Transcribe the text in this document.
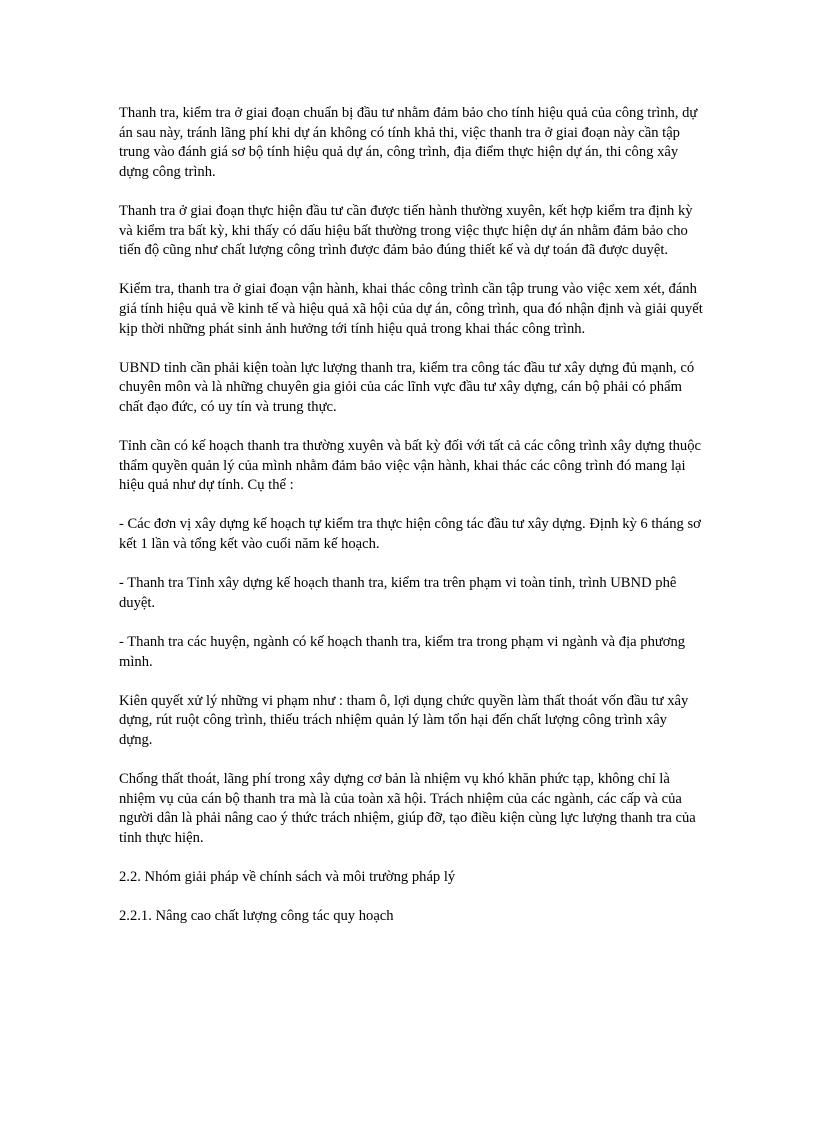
Thanh tra, kiểm tra ở giai đoạn chuẩn bị đầu tư nhằm đảm bảo cho tính hiệu quả của công trình, dự án sau này, tránh lãng phí khi dự án không có tính khả thi, việc thanh tra ở giai đoạn này cần tập trung vào đánh giá sơ bộ tính hiệu quả dự án, công trình, địa điểm thực hiện dự án, thi công xây dựng công trình.

Thanh tra ở giai đoạn thực hiện đầu tư cần được tiến hành thường xuyên, kết hợp kiểm tra định kỳ và kiểm tra bất kỳ, khi thấy có dấu hiệu bất thường trong việc thực hiện dự án nhằm đảm bảo cho tiến độ cũng như chất lượng công trình được đảm bảo đúng thiết kế và dự toán đã được duyệt.

Kiểm tra, thanh tra ở giai đoạn vận hành, khai thác công trình cần tập trung vào việc xem xét, đánh giá tính hiệu quả về kinh tế và hiệu quả xã hội của dự án, công trình, qua đó nhận định và giải quyết kịp thời những phát sinh ảnh hưởng tới tính hiệu quả trong khai thác công trình.

UBND tỉnh cần phải kiện toàn lực lượng thanh tra, kiểm tra công tác đầu tư xây dựng đủ mạnh, có chuyên môn và là những chuyên gia giỏi của các lĩnh vực đầu tư xây dựng, cán bộ phải có phẩm chất đạo đức, có uy tín và trung thực.

Tỉnh cần có kế hoạch thanh tra thường xuyên và bất kỳ đối với tất cả các công trình xây dựng thuộc thẩm quyền quản lý của mình nhằm đảm bảo việc vận hành, khai thác các công trình đó mang lại hiệu quả như dự tính. Cụ thể :

- Các đơn vị xây dựng kế hoạch tự kiểm tra thực hiện công tác đầu tư xây dựng. Định kỳ 6 tháng sơ kết 1 lần và tổng kết vào cuối năm kế hoạch.

- Thanh tra Tỉnh xây dựng kế hoạch thanh tra, kiểm tra trên phạm vi toàn tỉnh, trình UBND phê duyệt.

- Thanh tra các huyện, ngành có kế hoạch thanh tra, kiểm tra trong phạm vi ngành và địa phương mình.

Kiên quyết xử lý những vi phạm như : tham ô, lợi dụng chức quyền làm thất thoát vốn đầu tư xây dựng, rút ruột công trình, thiếu trách nhiệm quản lý làm tổn hại đến chất lượng công trình xây dựng.

Chống thất thoát, lãng phí trong xây dựng cơ bản là nhiệm vụ khó khăn phức tạp, không chỉ là nhiệm vụ của cán bộ thanh tra mà là của toàn xã hội. Trách nhiệm của các ngành, các cấp và của người dân là phải nâng cao ý thức trách nhiệm, giúp đỡ, tạo điều kiện cùng lực lượng thanh tra của tỉnh thực hiện.

2.2. Nhóm giải pháp về chính sách và môi trường pháp lý

2.2.1. Nâng cao chất lượng công tác quy hoạch
